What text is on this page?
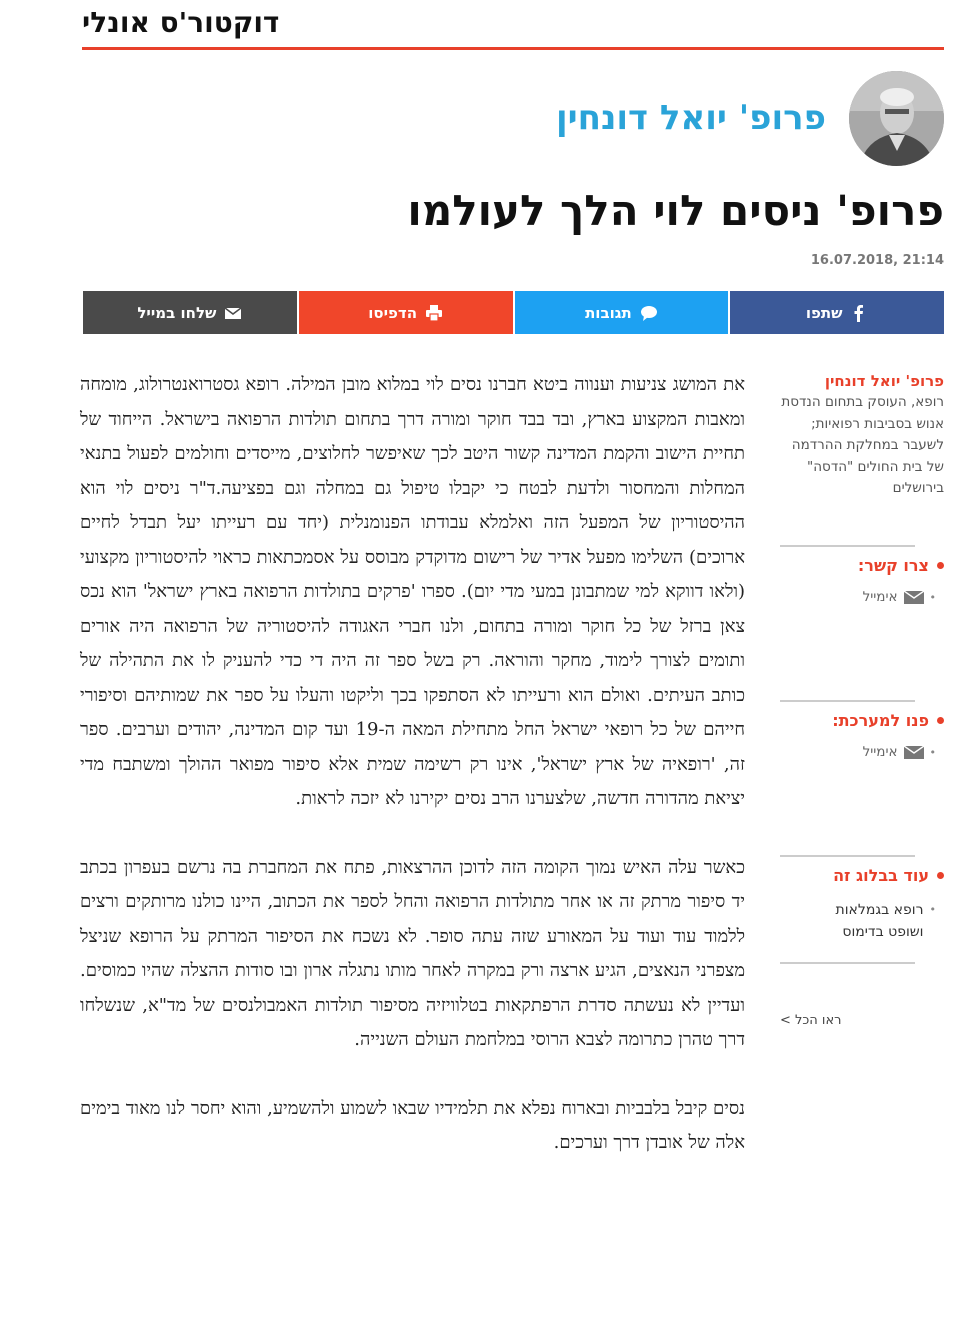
דוקטור'ס אונלי
פרופ' יואל דונחין
פרופ' ניסים לוי הלך לעולמו
21:14 ,16.07.2018
שתפו
תגובות
הדפיסו
שלחו במייל

את המושג צניעות וענווה ביטא חברנו נסים לוי במלוא מובן המילה. רופא גסטרואנטרולוג, מומחה ומאבות המקצוע בארץ, ובד בבד חוקר ומורה דרך בתחום תולדות הרפואה בישראל. הייחוד של תחיית הישוב והקמת המדינה קשור היטב לכך שאיפשר לחלוצים, מייסדים וחולמים לפעול בתנאי המחלות והמחסור ולדעת לבטח כי יקבלו טיפול גם במחלה וגם בפציעה.ד"ר ניסים לוי הוא ההיסטוריון של המפעל הזה ואלמלא עבודתו הפנומנלית (יחד עם רעייתו יעל תבדל לחיים ארוכים) השלימו מפעל אדיר של רישום מדוקדק מבוסס על אסמכתאות כראוי להיסטוריון מקצועי (ולאו דווקא למי שמתבונן במעי מדי יום). ספרו 'פרקים בתולדות הרפואה בארץ ישראל' הוא נכס צאן ברזל של כל חוקר ומורה בתחום, ולנו חברי האגודה להיסטוריה של הרפואה היה אורים ותומים לצורך לימוד, מחקר והוראה. רק בשל ספר זה היה די כדי להעניק לו את התהילה של כותב העיתים. ואולם הוא ורעייתו לא הסתפקו בכך וליקטו והעלו על ספר את שמותיהם וסיפורי חייהם של כל רופאי ישראל החל מתחילת המאה ה-19 ועד קום המדינה, יהודים וערבים. ספר זה, 'רופאיה של ארץ ישראל', אינו רק רשימה שמית אלא סיפור מפואר ההולך ומשתבח מדי יציאת מהדורה חדשה, שלצערנו הרב נסים יקירנו לא יזכה לראות.

כאשר עלה האיש נמוך הקומה הזה לדוכן ההרצאות, פתח את המחברת בה נרשם בעפרון בכתב יד סיפור מרתק זה או אחר מתולדות הרפואה והחל לספר את הכתוב, היינו כולנו מרותקים ורצים ללמוד עוד ועוד על המאורע שזה עתה סופר. לא נשכח את הסיפור המרתק על הרופא שניצל מצפרני הנאצים, הגיע ארצה ורק במקרה לאחר מותו נתגלה ארון ובו סודות ההצלה שהיו כמוסים. ועדיין לא נעשתה סדרת הרפתקאות בטלוויזיה מסיפור תולדות האמבולנסים של מד"א, שנשלחו דרך טהרן כתרומה לצבא הרוסי במלחמת העולם השנייה.

נסים קיבל בלבביות ובארוח נפלא את תלמידיו שבאו לשמוע ולהשמיע, והוא יחסר לנו מאוד בימים אלה של אובדן דרך וערכים.

פרופ' יואל דונחין
רופא, העוסק בתחום הנדסת אנוש בסביבות רפואיות; לשעבר במחלקת ההרדמה של בית החולים "הדסה" בירושלים
צרו קשר:
•
אימייל
פנו למערכת:
•
אימייל
עוד בבלוג זה
•
רופא בגמלאות ושופט בדימוס
ראו הכל >
